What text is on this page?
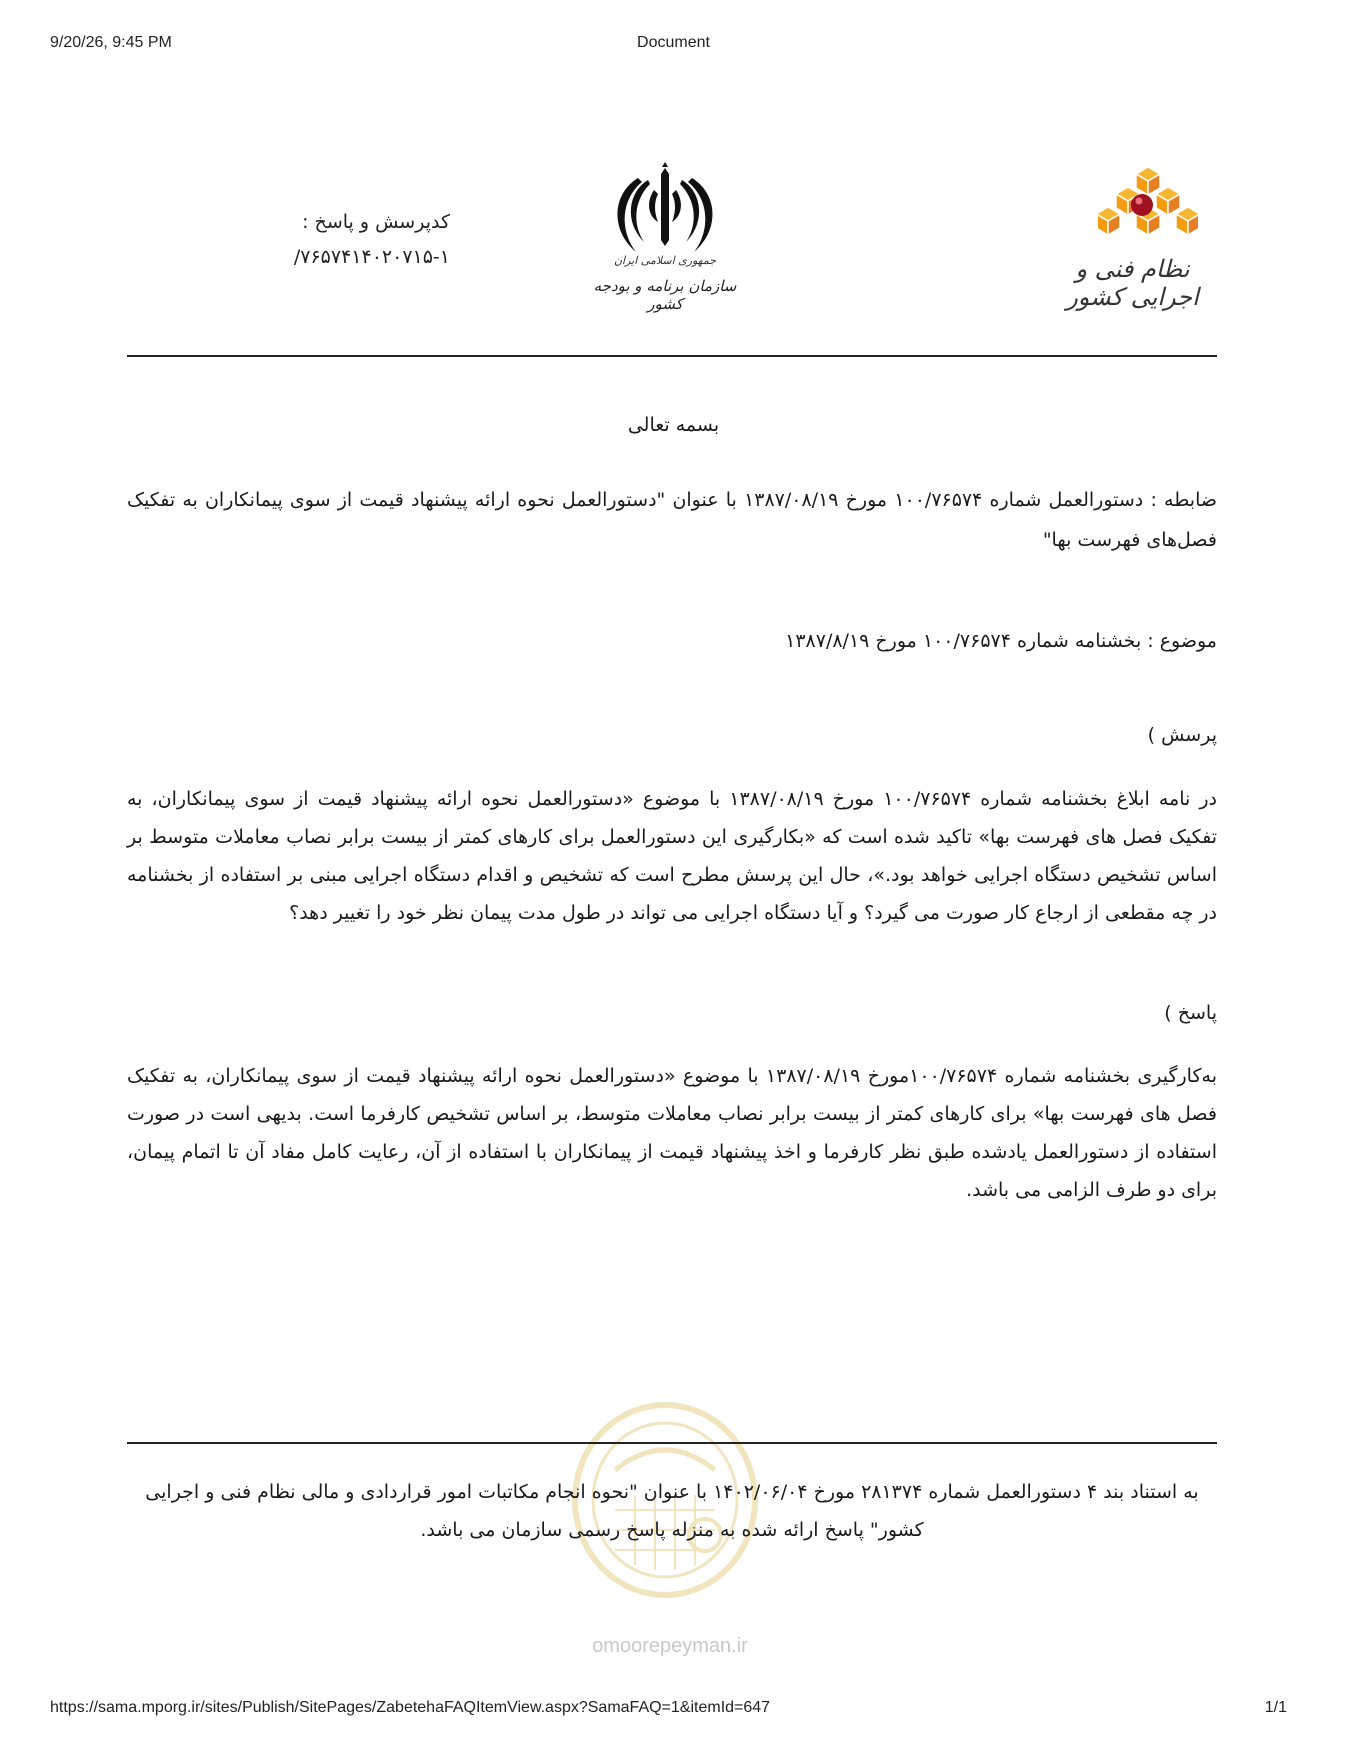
9/20/26, 9:45 PM	Document
کدپرسش و پاسخ :
۷۶۵۷۴۱۴۰۲۰۷۱۵-۱/	جمهوری اسلامی ایران
سازمان برنامه و بودجه کشور
نظام فنی و اجرایی کشور
بسمه تعالی
ضابطه : دستورالعمل شماره ۱۰۰/۷۶۵۷۴ مورخ ۱۳۸۷/۰۸/۱۹ با عنوان "دستورالعمل نحوه ارائه پیشنهاد قیمت از سوی پیمانکاران به تفکیک فصل‌های فهرست بها"
موضوع : بخشنامه شماره ۱۰۰/۷۶۵۷۴ مورخ ۱۳۸۷/۸/۱۹
پرسش )
در نامه ابلاغ بخشنامه شماره ۱۰۰/۷۶۵۷۴ مورخ ۱۳۸۷/۰۸/۱۹ با موضوع «دستورالعمل نحوه ارائه پیشنهاد قیمت از سوی پیمانکاران، به تفکیک فصل های فهرست بها» تاکید شده است که «بکارگیری این دستورالعمل برای کارهای کمتر از بیست برابر نصاب معاملات متوسط بر اساس تشخیص دستگاه اجرایی خواهد بود.»، حال این پرسش مطرح است که تشخیص و اقدام دستگاه اجرایی مبنی بر استفاده از بخشنامه در چه مقطعی از ارجاع کار صورت می گیرد؟ و آیا دستگاه اجرایی می تواند در طول مدت پیمان نظر خود را تغییر دهد؟
پاسخ )
به‌کارگیری بخشنامه شماره ۱۰۰/۷۶۵۷۴مورخ ۱۳۸۷/۰۸/۱۹ با موضوع «دستورالعمل نحوه ارائه پیشنهاد قیمت از سوی پیمانکاران، به تفکیک فصل های فهرست بها» برای کارهای کمتر از بیست برابر نصاب معاملات متوسط، بر اساس تشخیص کارفرما است. بدیهی است در صورت استفاده از دستورالعمل یادشده طبق نظر کارفرما و اخذ پیشنهاد قیمت از پیمانکاران با استفاده از آن، رعایت کامل مفاد آن تا اتمام پیمان، برای دو طرف الزامی می باشد.
omoorepeyman.ir
به استناد بند ۴ دستورالعمل شماره ۲۸۱۳۷۴ مورخ ۱۴۰۲/۰۶/۰۴ با عنوان "نحوه انجام مکاتبات امور قراردادی و مالی نظام فنی و اجرایی کشور" پاسخ ارائه شده به منزله پاسخ رسمی سازمان می باشد.
https://sama.mporg.ir/sites/Publish/SitePages/ZabetehaFAQItemView.aspx?SamaFAQ=1&itemId=647	1/1
